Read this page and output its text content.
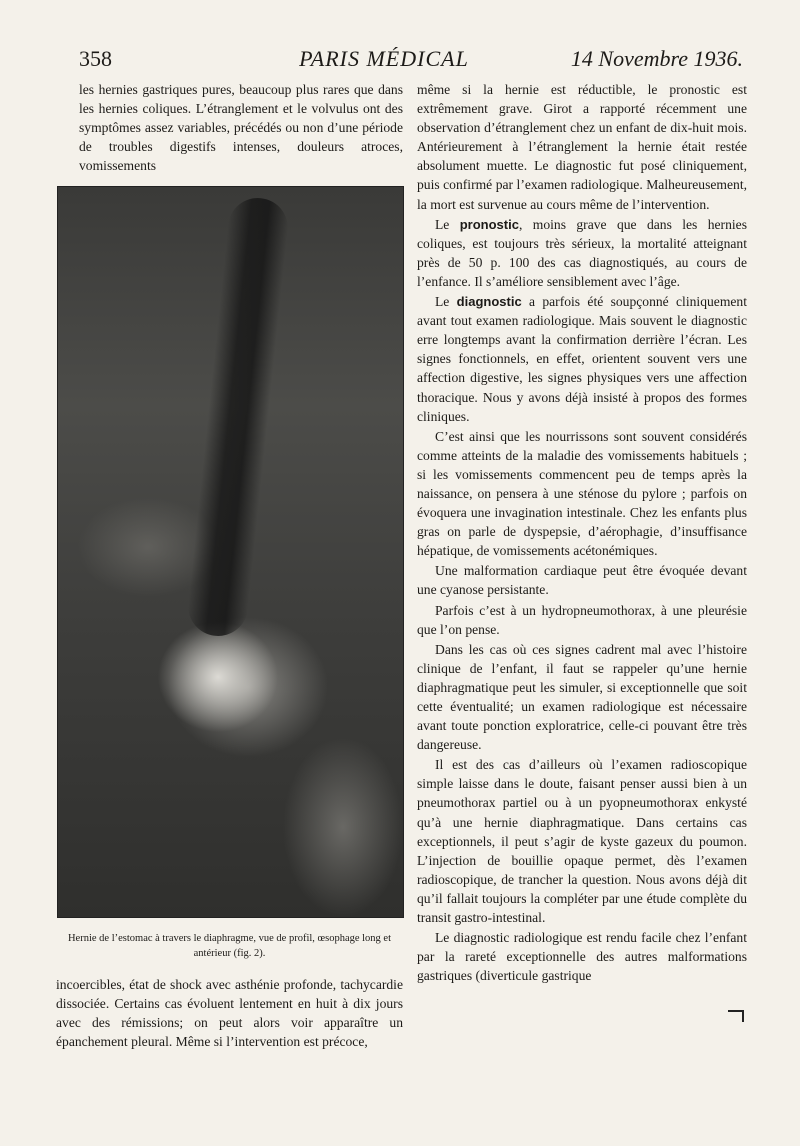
358	PARIS MÉDICAL	14 Novembre 1936.

les hernies gastriques pures, beaucoup plus rares que dans les hernies coliques. L’étranglement et le volvulus ont des symptômes assez variables, précédés ou non d’une période de troubles digestifs intenses, douleurs atroces, vomissements

Hernie de l’estomac à travers le diaphragme, vue de profil, œsophage long et antérieur (fig. 2).

incoercibles, état de shock avec asthénie profonde, tachycardie dissociée. Certains cas évoluent lentement en huit à dix jours avec des rémissions; on peut alors voir apparaître un épanchement pleural. Même si l’intervention est précoce,

même si la hernie est réductible, le pronostic est extrêmement grave. Girot a rapporté récemment une observation d’étranglement chez un enfant de dix-huit mois. Antérieurement à l’étranglement la hernie était restée absolument muette. Le diagnostic fut posé cliniquement, puis confirmé par l’examen radiologique. Malheureusement, la mort est survenue au cours même de l’intervention.

Le pronostic, moins grave que dans les hernies coliques, est toujours très sérieux, la mortalité atteignant près de 50 p. 100 des cas diagnostiqués, au cours de l’enfance. Il s’améliore sensiblement avec l’âge.

Le diagnostic a parfois été soupçonné cliniquement avant tout examen radiologique. Mais souvent le diagnostic erre longtemps avant la confirmation derrière l’écran. Les signes fonctionnels, en effet, orientent souvent vers une affection digestive, les signes physiques vers une affection thoracique. Nous y avons déjà insisté à propos des formes cliniques.

C’est ainsi que les nourrissons sont souvent considérés comme atteints de la maladie des vomissements habituels ; si les vomissements commencent peu de temps après la naissance, on pensera à une sténose du pylore ; parfois on évoquera une invagination intestinale. Chez les enfants plus gras on parle de dyspepsie, d’aérophagie, d’insuffisance hépatique, de vomissements acétonémiques.

Une malformation cardiaque peut être évoquée devant une cyanose persistante.

Parfois c’est à un hydropneumothorax, à une pleurésie que l’on pense.

Dans les cas où ces signes cadrent mal avec l’histoire clinique de l’enfant, il faut se rappeler qu’une hernie diaphragmatique peut les simuler, si exceptionnelle que soit cette éventualité; un examen radiologique est nécessaire avant toute ponction exploratrice, celle-ci pouvant être très dangereuse.

Il est des cas d’ailleurs où l’examen radioscopique simple laisse dans le doute, faisant penser aussi bien à un pneumothorax partiel ou à un pyopneumothorax enkysté qu’à une hernie diaphragmatique. Dans certains cas exceptionnels, il peut s’agir de kyste gazeux du poumon. L’injection de bouillie opaque permet, dès l’examen radioscopique, de trancher la question. Nous avons déjà dit qu’il fallait toujours la compléter par une étude complète du transit gastro-intestinal.

Le diagnostic radiologique est rendu facile chez l’enfant par la rareté exceptionnelle des autres malformations gastriques (diverticule gastrique
